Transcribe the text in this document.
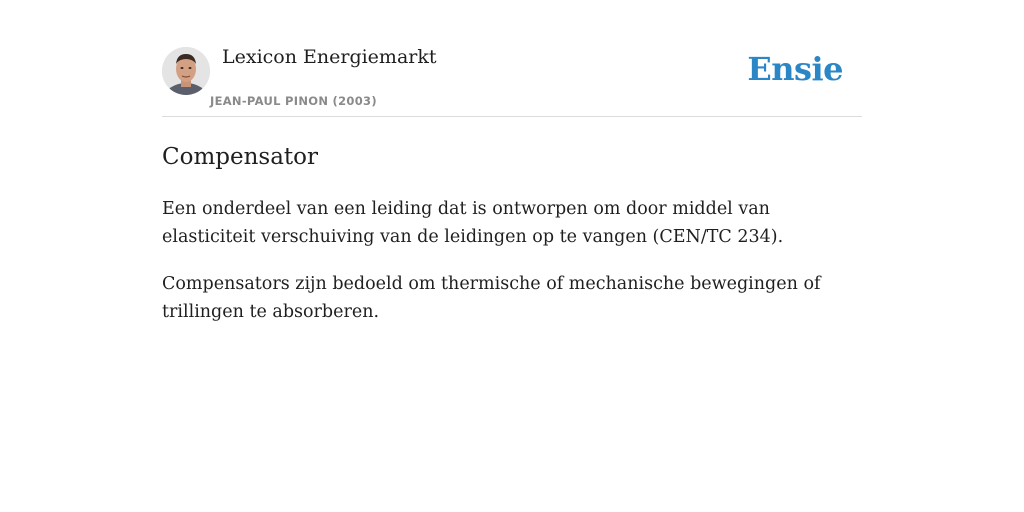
Lexicon Energiemarkt
JEAN-PAUL PINON (2003)
Ensie
Compensator

Een onderdeel van een leiding dat is ontworpen om door middel van elasticiteit verschuiving van de leidingen op te vangen (CEN/TC 234).

Compensators zijn bedoeld om thermische of mechanische bewegingen of trillingen te absorberen.
